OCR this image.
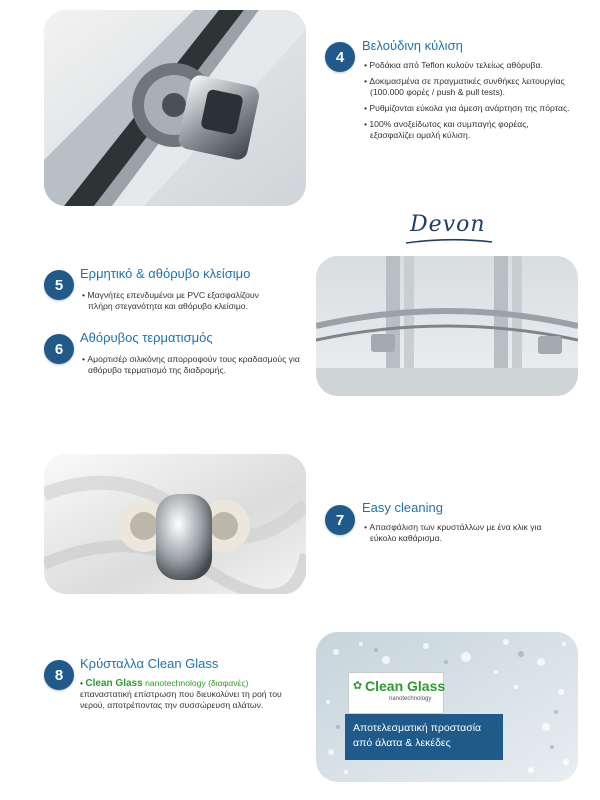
4
Βελούδινη κύλιση
• Ροδάκια από Teflon κυλούν τελείως αθόρυβα.
• Δοκιμασμένα σε πραγματικές συνθήκες λειτουργίας (100.000 φορές / push & pull tests).
• Ρυθμίζονται εύκολα για άμεση ανάρτηση της πόρτας.
• 100% ανοξείδωτος και συμπαγής φορέας, εξασφαλίζει ομαλή κύλιση.
Devon
5
Ερμητικό & αθόρυβο κλείσιμο
• Μαγνήτες επενδυμένοι με PVC εξασφαλίζουν πλήρη στεγανότητα και αθόρυβο κλείσιμο.
6
Αθόρυβος τερματισμός
• Αμορτισέρ σιλικόνης απορροφούν τους κραδασμούς για αθόρυβο τερματισμό της διαδρομής.
7
Easy cleaning
• Απασφάλιση των κρυστάλλων με ένα κλικ για εύκολο καθάρισμα.
8
Κρύσταλλα Clean Glass
• Clean Glass nanotechnology (διαφανές)
επαναστατική επίστρωση που διευκολύνει τη ροή του νερού, αποτρέποντας την συσσώρευση αλάτων.
✿ Clean Glass
nanotechnology
Αποτελεσματική προστασία
από άλατα & λεκέδες
